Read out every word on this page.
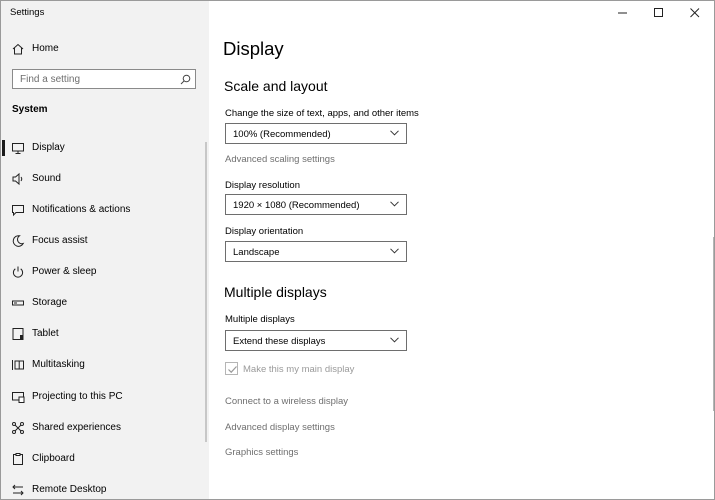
Settings
Home
Find a setting
System
Display
Sound
Notifications & actions
Focus assist
Power & sleep
Storage
Tablet
Multitasking
Projecting to this PC
Shared experiences
Clipboard
Remote Desktop
Display
Scale and layout
Change the size of text, apps, and other items
100% (Recommended)
Advanced scaling settings
Display resolution
1920 × 1080 (Recommended)
Display orientation
Landscape
Multiple displays
Multiple displays
Extend these displays
Make this my main display
Connect to a wireless display
Advanced display settings
Graphics settings
